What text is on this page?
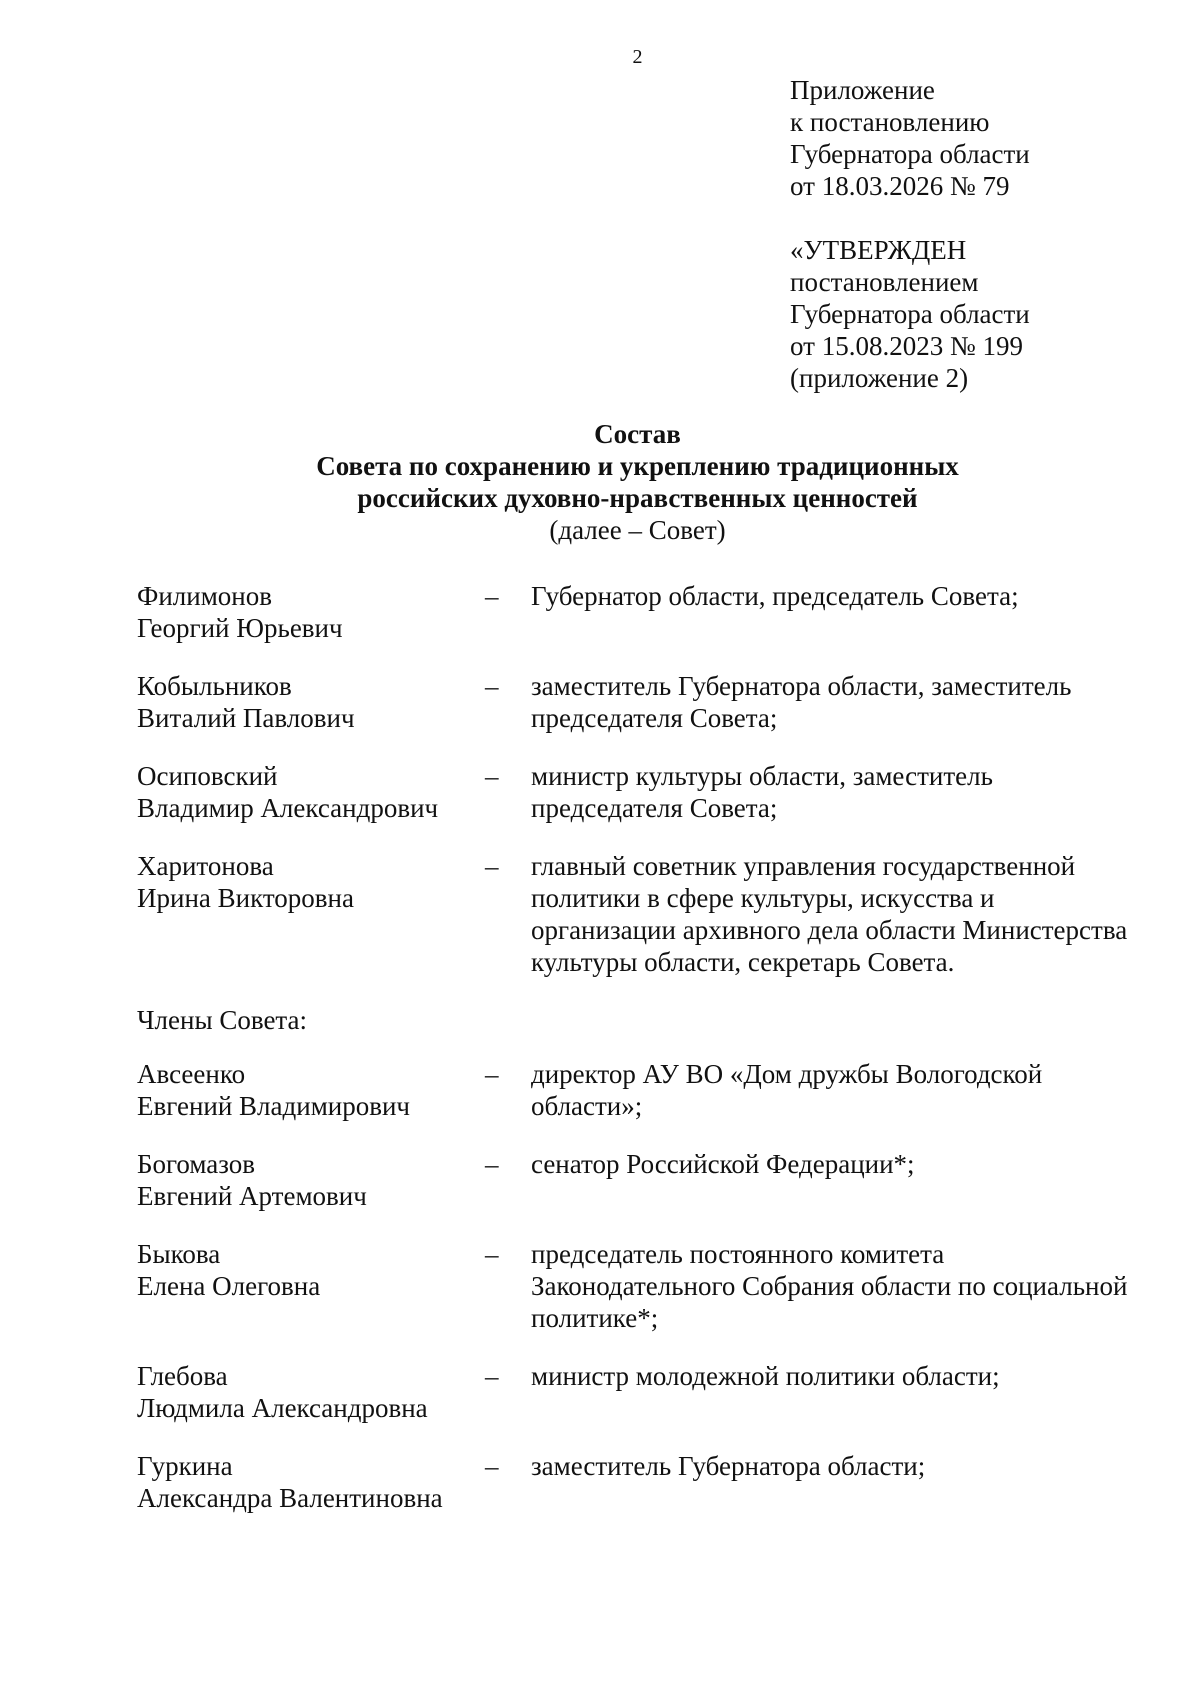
2
Приложение
к постановлению
Губернатора области
от 18.03.2026 № 79
«УТВЕРЖДЕН
постановлением
Губернатора области
от 15.08.2023 № 199
(приложение 2)
Состав
Совета по сохранению и укреплению традиционных
российских духовно-нравственных ценностей
(далее – Совет)
Филимонов
Георгий Юрьевич
–	Губернатор области, председатель Совета;
Кобыльников
Виталий Павлович
–	заместитель Губернатора области, заместитель председателя Совета;
Осиповский
Владимир Александрович
–	министр культуры области, заместитель председателя Совета;
Харитонова
Ирина Викторовна
–	главный советник управления государственной политики в сфере культуры, искусства и организации архивного дела области Министерства культуры области, секретарь Совета.
Члены Совета:
Авсеенко
Евгений Владимирович
–	директор АУ ВО «Дом дружбы Вологодской области»;
Богомазов
Евгений Артемович
–	сенатор Российской Федерации*;
Быкова
Елена Олеговна
–	председатель постоянного комитета Законодательного Собрания области по социальной политике*;
Глебова
Людмила Александровна
–	министр молодежной политики области;
Гуркина
Александра Валентиновна
–	заместитель Губернатора области;
